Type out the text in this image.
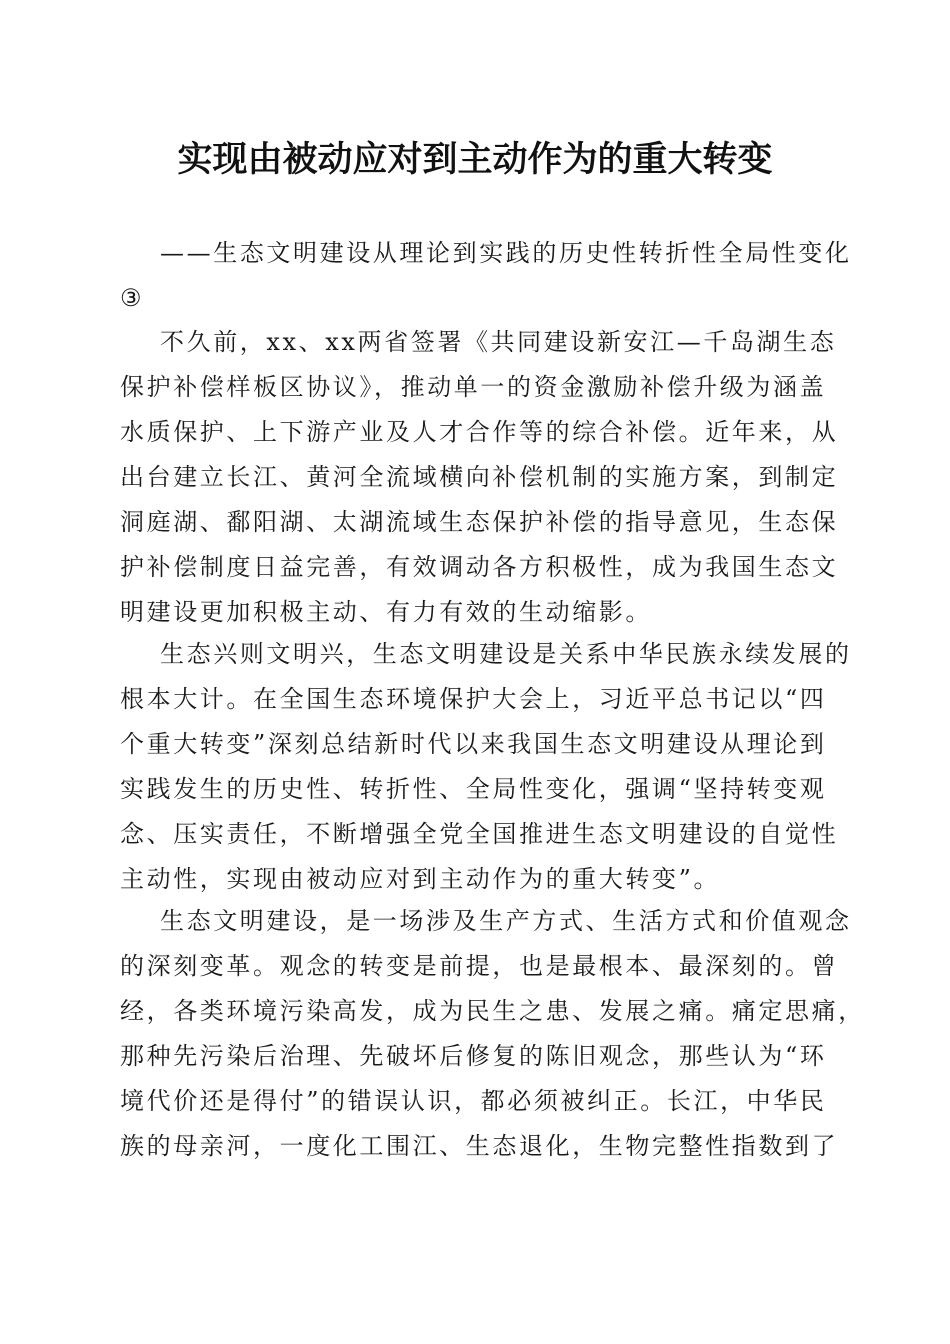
实现由被动应对到主动作为的重大转变
——生态文明建设从理论到实践的历史性转折性全局性变化
③
不久前，xx、xx两省签署《共同建设新安江—千岛湖生态
保护补偿样板区协议》，推动单一的资金激励补偿升级为涵盖
水质保护、上下游产业及人才合作等的综合补偿。近年来，从
出台建立长江、黄河全流域横向补偿机制的实施方案，到制定
洞庭湖、鄱阳湖、太湖流域生态保护补偿的指导意见，生态保
护补偿制度日益完善，有效调动各方积极性，成为我国生态文
明建设更加积极主动、有力有效的生动缩影。
生态兴则文明兴，生态文明建设是关系中华民族永续发展的
根本大计。在全国生态环境保护大会上，习近平总书记以“四
个重大转变”深刻总结新时代以来我国生态文明建设从理论到
实践发生的历史性、转折性、全局性变化，强调“坚持转变观
念、压实责任，不断增强全党全国推进生态文明建设的自觉性
主动性，实现由被动应对到主动作为的重大转变”。
生态文明建设，是一场涉及生产方式、生活方式和价值观念
的深刻变革。观念的转变是前提，也是最根本、最深刻的。曾
经，各类环境污染高发，成为民生之患、发展之痛。痛定思痛，
那种先污染后治理、先破坏后修复的陈旧观念，那些认为“环
境代价还是得付”的错误认识，都必须被纠正。长江，中华民
族的母亲河，一度化工围江、生态退化，生物完整性指数到了
